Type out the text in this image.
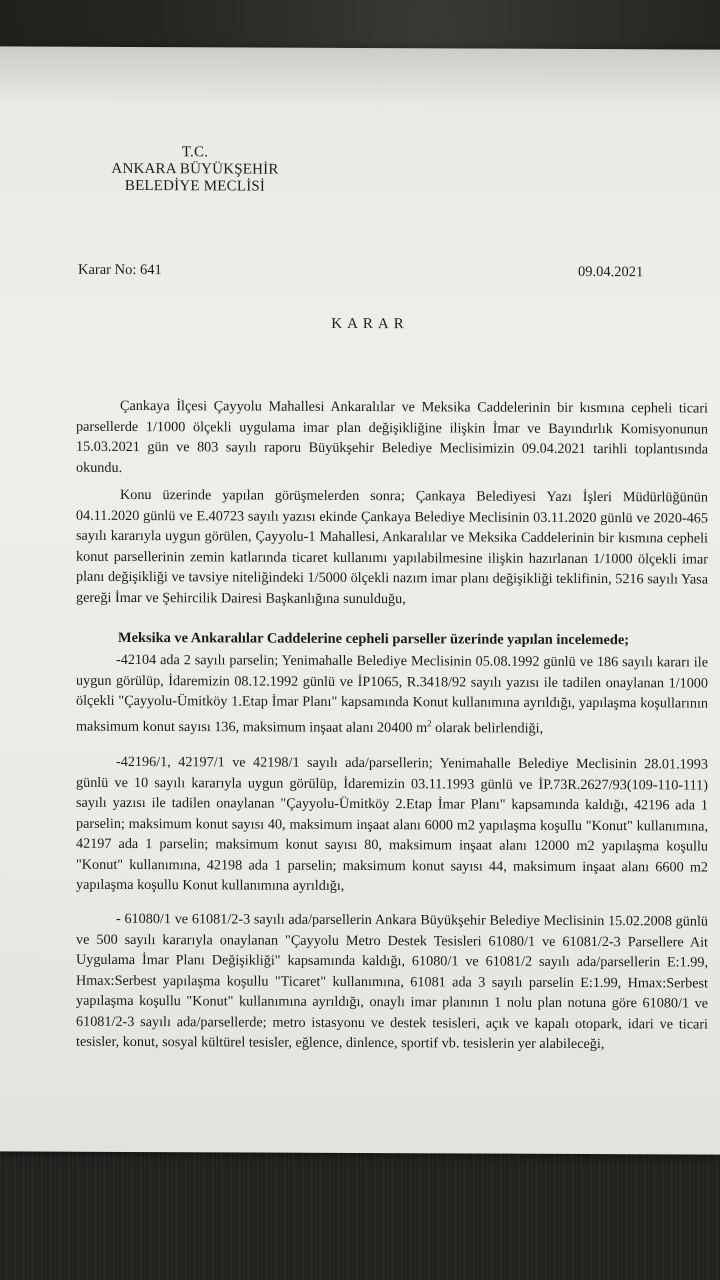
T.C.
ANKARA BÜYÜKŞEHİR
BELEDİYE MECLİSİ
Karar No: 641	09.04.2021
KARAR
Çankaya İlçesi Çayyolu Mahallesi Ankaralılar ve Meksika Caddelerinin bir kısmına cepheli ticari parsellerde 1/1000 ölçekli uygulama imar plan değişikliğine ilişkin İmar ve Bayındırlık Komisyonunun 15.03.2021 gün ve 803 sayılı raporu Büyükşehir Belediye Meclisimizin 09.04.2021 tarihli toplantısında okundu.
Konu üzerinde yapılan görüşmelerden sonra; Çankaya Belediyesi Yazı İşleri Müdürlüğünün 04.11.2020 günlü ve E.40723 sayılı yazısı ekinde Çankaya Belediye Meclisinin 03.11.2020 günlü ve 2020-465 sayılı kararıyla uygun görülen, Çayyolu-1 Mahallesi, Ankaralılar ve Meksika Caddelerinin bir kısmına cepheli konut parsellerinin zemin katlarında ticaret kullanımı yapılabilmesine ilişkin hazırlanan 1/1000 ölçekli imar planı değişikliği ve tavsiye niteliğindeki 1/5000 ölçekli nazım imar planı değişikliği teklifinin, 5216 sayılı Yasa gereği İmar ve Şehircilik Dairesi Başkanlığına sunulduğu,
Meksika ve Ankaralılar Caddelerine cepheli parseller üzerinde yapılan incelemede;
-42104 ada 2 sayılı parselin; Yenimahalle Belediye Meclisinin 05.08.1992 günlü ve 186 sayılı kararı ile uygun görülüp, İdaremizin 08.12.1992 günlü ve İP1065, R.3418/92 sayılı yazısı ile tadilen onaylanan 1/1000 ölçekli "Çayyolu-Ümitköy 1.Etap İmar Planı" kapsamında Konut kullanımına ayrıldığı, yapılaşma koşullarının maksimum konut sayısı 136, maksimum inşaat alanı 20400 $m^2$ olarak belirlendiği,
-42196/1, 42197/1 ve 42198/1 sayılı ada/parsellerin; Yenimahalle Belediye Meclisinin 28.01.1993 günlü ve 10 sayılı kararıyla uygun görülüp, İdaremizin 03.11.1993 günlü ve İP.73R.2627/93(109-110-111) sayılı yazısı ile tadilen onaylanan "Çayyolu-Ümitköy 2.Etap İmar Planı" kapsamında kaldığı, 42196 ada 1 parselin; maksimum konut sayısı 40, maksimum inşaat alanı 6000 m2 yapılaşma koşullu "Konut" kullanımına, 42197 ada 1 parselin; maksimum konut sayısı 80, maksimum inşaat alanı 12000 m2 yapılaşma koşullu "Konut" kullanımına, 42198 ada 1 parselin; maksimum konut sayısı 44, maksimum inşaat alanı 6600 m2 yapılaşma koşullu Konut kullanımına ayrıldığı,
- 61080/1 ve 61081/2-3 sayılı ada/parsellerin Ankara Büyükşehir Belediye Meclisinin 15.02.2008 günlü ve 500 sayılı kararıyla onaylanan "Çayyolu Metro Destek Tesisleri 61080/1 ve 61081/2-3 Parsellere Ait Uygulama İmar Planı Değişikliği" kapsamında kaldığı, 61080/1 ve 61081/2 sayılı ada/parsellerin E:1.99, Hmax:Serbest yapılaşma koşullu "Ticaret" kullanımına, 61081 ada 3 sayılı parselin E:1.99, Hmax:Serbest yapılaşma koşullu "Konut" kullanımına ayrıldığı, onaylı imar planının 1 nolu plan notuna göre 61080/1 ve 61081/2-3 sayılı ada/parsellerde; metro istasyonu ve destek tesisleri, açık ve kapalı otopark, idari ve ticari tesisler, konut, sosyal kültürel tesisler, eğlence, dinlence, sportif vb. tesislerin yer alabileceği,
